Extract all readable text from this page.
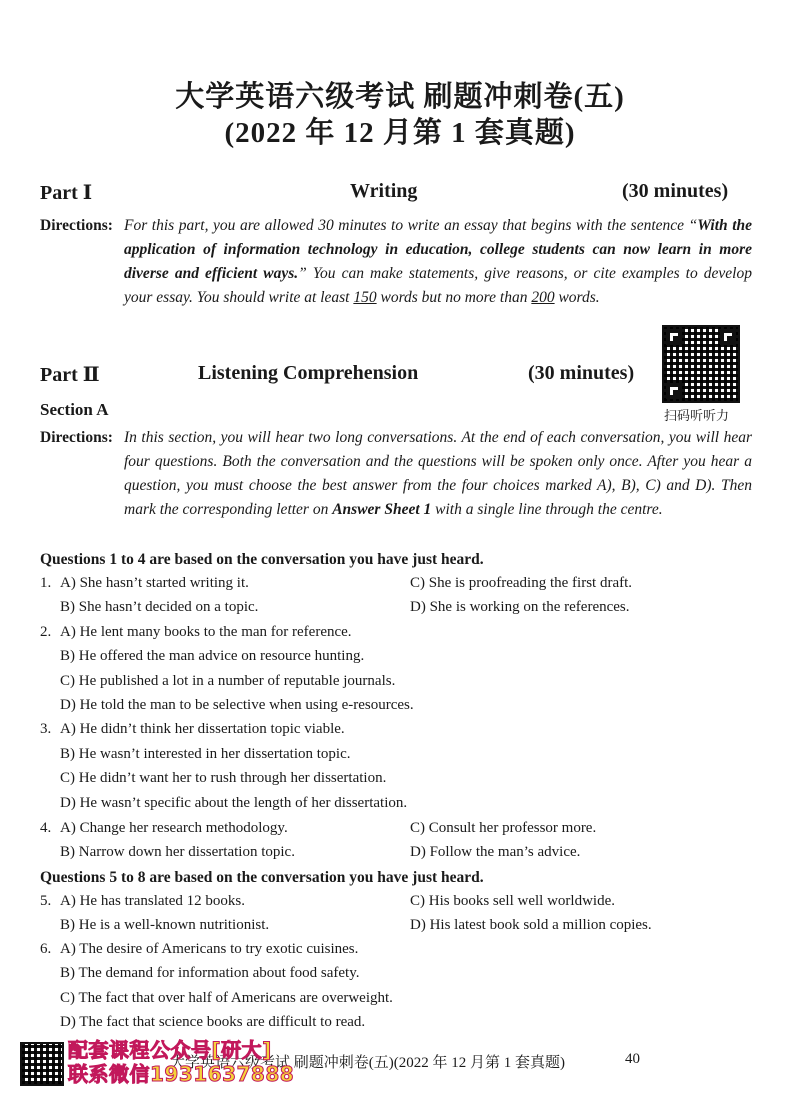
大学英语六级考试 刷题冲刺卷(五)
(2022 年 12 月第 1 套真题)
Part Ⅰ	Writing	(30 minutes)
Directions: For this part, you are allowed 30 minutes to write an essay that begins with the sentence “With the application of information technology in education, college students can now learn in more diverse and efficient ways.” You can make statements, give reasons, or cite examples to develop your essay. You should write at least 150 words but no more than 200 words.
Part Ⅱ	Listening Comprehension	(30 minutes)
扫码听听力
Section A
Directions: In this section, you will hear two long conversations. At the end of each conversation, you will hear four questions. Both the conversation and the questions will be spoken only once. After you hear a question, you must choose the best answer from the four choices marked A), B), C) and D). Then mark the corresponding letter on Answer Sheet 1 with a single line through the centre.
Questions 1 to 4 are based on the conversation you have just heard.
1. A) She hasn’t started writing it.	C) She is proofreading the first draft.
B) She hasn’t decided on a topic.	D) She is working on the references.
2. A) He lent many books to the man for reference.
B) He offered the man advice on resource hunting.
C) He published a lot in a number of reputable journals.
D) He told the man to be selective when using e-resources.
3. A) He didn’t think her dissertation topic viable.
B) He wasn’t interested in her dissertation topic.
C) He didn’t want her to rush through her dissertation.
D) He wasn’t specific about the length of her dissertation.
4. A) Change her research methodology.	C) Consult her professor more.
B) Narrow down her dissertation topic.	D) Follow the man’s advice.
Questions 5 to 8 are based on the conversation you have just heard.
5. A) He has translated 12 books.	C) His books sell well worldwide.
B) He is a well-known nutritionist.	D) His latest book sold a million copies.
6. A) The desire of Americans to try exotic cuisines.
B) The demand for information about food safety.
C) The fact that over half of Americans are overweight.
D) The fact that science books are difficult to read.
大学英语六级考试 刷题冲刺卷(五)(2022 年 12 月第 1 套真题)	40
配套课程公众号[研大]
联系微信1931637888
